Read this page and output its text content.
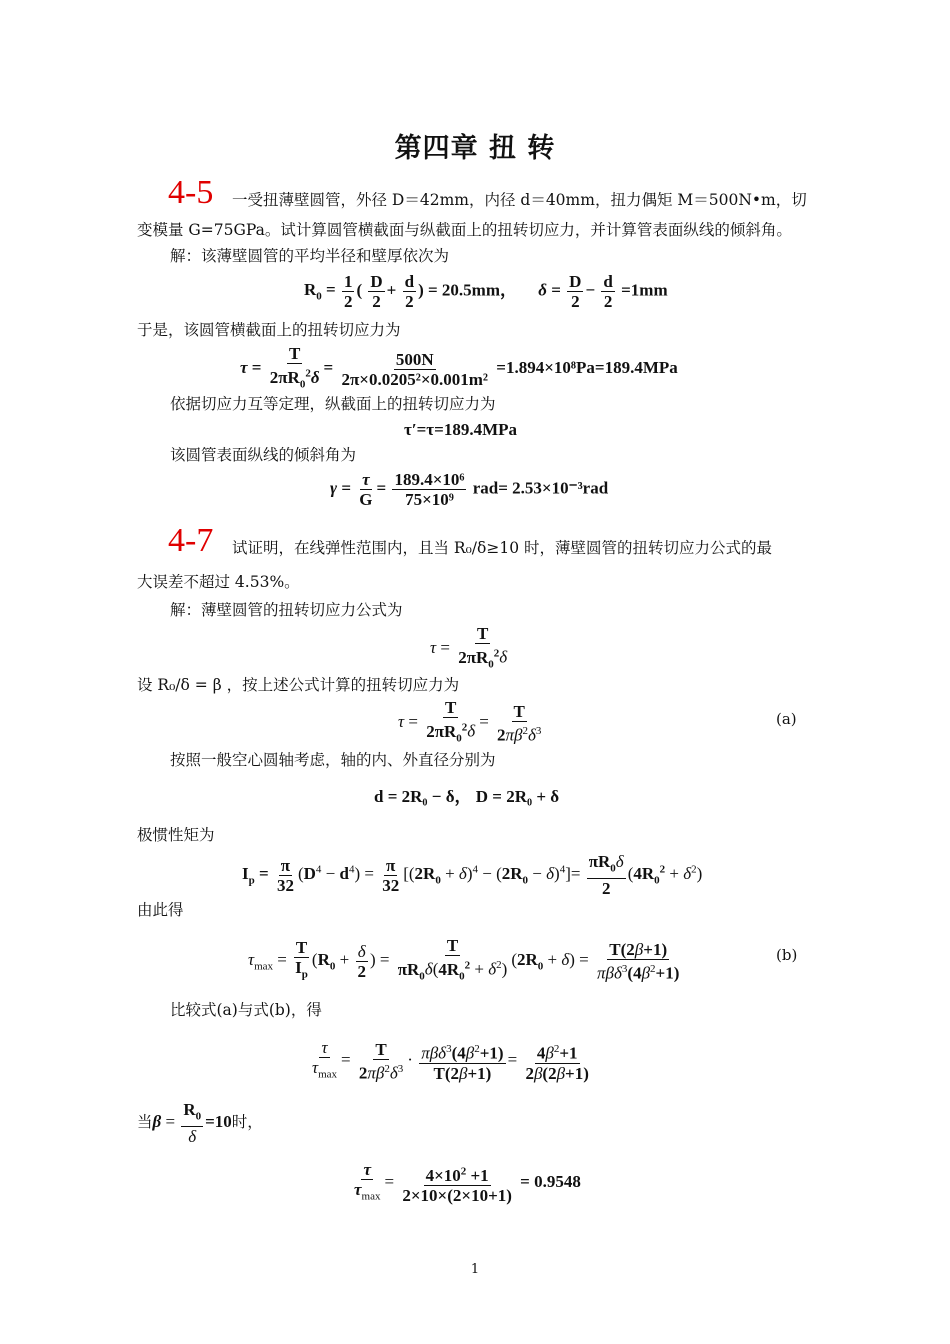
第四章 扭 转
4-5 一受扭薄壁圆管，外径 D＝42mm，内径 d＝40mm，扭力偶矩 M＝500N•m，切
变模量 G=75GPa。试计算圆管横截面与纵截面上的扭转切应力，并计算管表面纵线的倾斜角。
解：该薄壁圆管的平均半径和壁厚依次为
$R_0 = \frac{1}{2}$ ( $\frac{D}{2} + \frac{d}{2}$ ) = 20.5mm， $\delta = \frac{D}{2} - \frac{d}{2} =1mm$
于是，该圆管横截面上的扭转切应力为
$\tau = \frac{T}{2\pi R_0^2\delta} = \frac{500N}{\text{2π×0.0205²×0.001m²}} =1.894\times 10^8Pa=189.4MPa$
依据切应力互等定理，纵截面上的扭转切应力为
τ′=τ=189.4MPa
该圆管表面纵线的倾斜角为
$\gamma = \frac{\tau}{G} = \frac{\text{189.4×10⁶}}{\text{75×10⁹}} rad= 2.53\times 10^{-3}rad$
4-7 试证明，在线弹性范围内，且当 R₀/δ≥10 时，薄壁圆管的扭转切应力公式的最
大误差不超过 4.53%。
解：薄壁圆管的扭转切应力公式为
$\tau = \frac{T}{2\pi R_0^2\delta}$
设 R₀/δ = β ，按上述公式计算的扭转切应力为
$\tau = \frac{T}{2\pi R_0^2\delta} = \frac{T}{2\pi\beta^2\delta^3}$	(a)
按照一般空心圆轴考虑，轴的内、外直径分别为
d = 2R₀ − δ， D = 2R₀ + δ
极惯性矩为
$I_p = \frac{\pi}{32} (D^4 - d^4) = \frac{\pi}{32} [(2R_0 + \delta)^4 - (2R_0 - \delta)^4]= \frac{\pi R_0\delta}{2} (4R_0^2 + \delta^2)$
由此得
$\tau_{max} = \frac{T}{I_p} (R_0 + \frac{\delta}{2}$ ) = $\frac{T}{\pi R_0\delta(4R_0^2 + \delta^2)} (2R_0 + \delta) = \frac{T(2\beta+1)}{\pi\beta\delta^3(4\beta^2+1)}$	(b)
比较式(a)与式(b)，得
$\frac{\tau}{\tau_{max}} = \frac{T}{2\pi\beta^2\delta^3} \cdot \frac{\pi\beta\delta^3(4\beta^2+1)}{T(2\beta+1)} = \frac{4\beta^2+1}{2\beta(2\beta+1)}$
当$\beta = \frac{R_0}{\delta} =10$时，
$\frac{\tau}{\tau_{max}} = \frac{4\times 10^2 +1}{2\times 10\times(2\times 10+1)} = 0.9548$
1
